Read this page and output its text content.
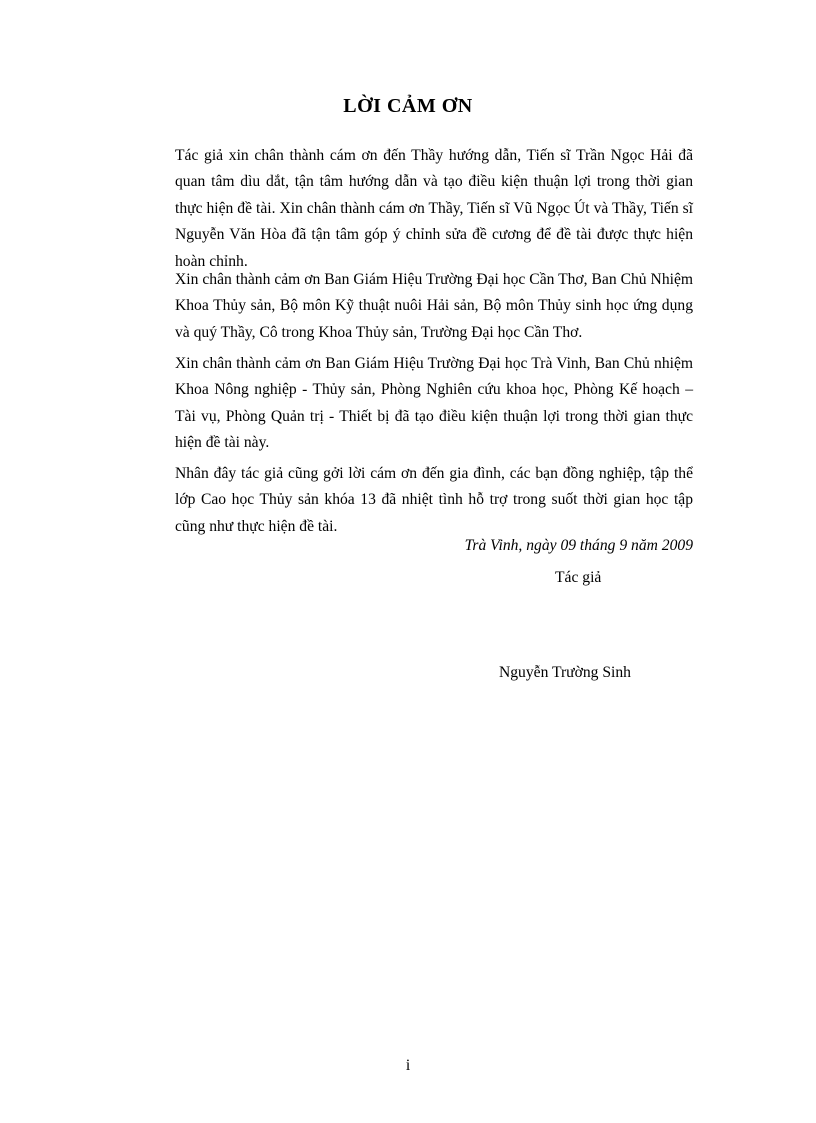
LỜI CẢM ƠN

Tác giả xin chân thành cám ơn đến Thầy hướng dẫn, Tiến sĩ Trần Ngọc Hải đã quan tâm dìu dắt, tận tâm hướng dẫn và tạo điều kiện thuận lợi trong thời gian thực hiện đề tài. Xin chân thành cám ơn Thầy, Tiến sĩ Vũ Ngọc Út và Thầy, Tiến sĩ Nguyễn Văn Hòa đã tận tâm góp ý chỉnh sửa đề cương để đề tài được thực hiện hoàn chỉnh.

Xin chân thành cảm ơn Ban Giám Hiệu Trường Đại học Cần Thơ, Ban Chủ Nhiệm Khoa Thủy sản, Bộ môn Kỹ thuật nuôi Hải sản, Bộ môn Thủy sinh học ứng dụng và quý Thầy, Cô trong Khoa Thủy sản, Trường Đại học Cần Thơ.

Xin chân thành cảm ơn Ban Giám Hiệu Trường Đại học Trà Vinh, Ban Chủ nhiệm Khoa Nông nghiệp - Thủy sản, Phòng Nghiên cứu khoa học, Phòng Kế hoạch – Tài vụ, Phòng Quản trị - Thiết bị đã tạo điều kiện thuận lợi trong thời gian thực hiện đề tài này.

Nhân đây tác giả cũng gởi lời cám ơn đến gia đình, các bạn đồng nghiệp, tập thể lớp Cao học Thủy sản khóa 13 đã nhiệt tình hỗ trợ trong suốt thời gian học tập cũng như thực hiện đề tài.

Trà Vinh, ngày 09 tháng 9 năm 2009

Tác giả

Nguyễn Trường Sinh

i
